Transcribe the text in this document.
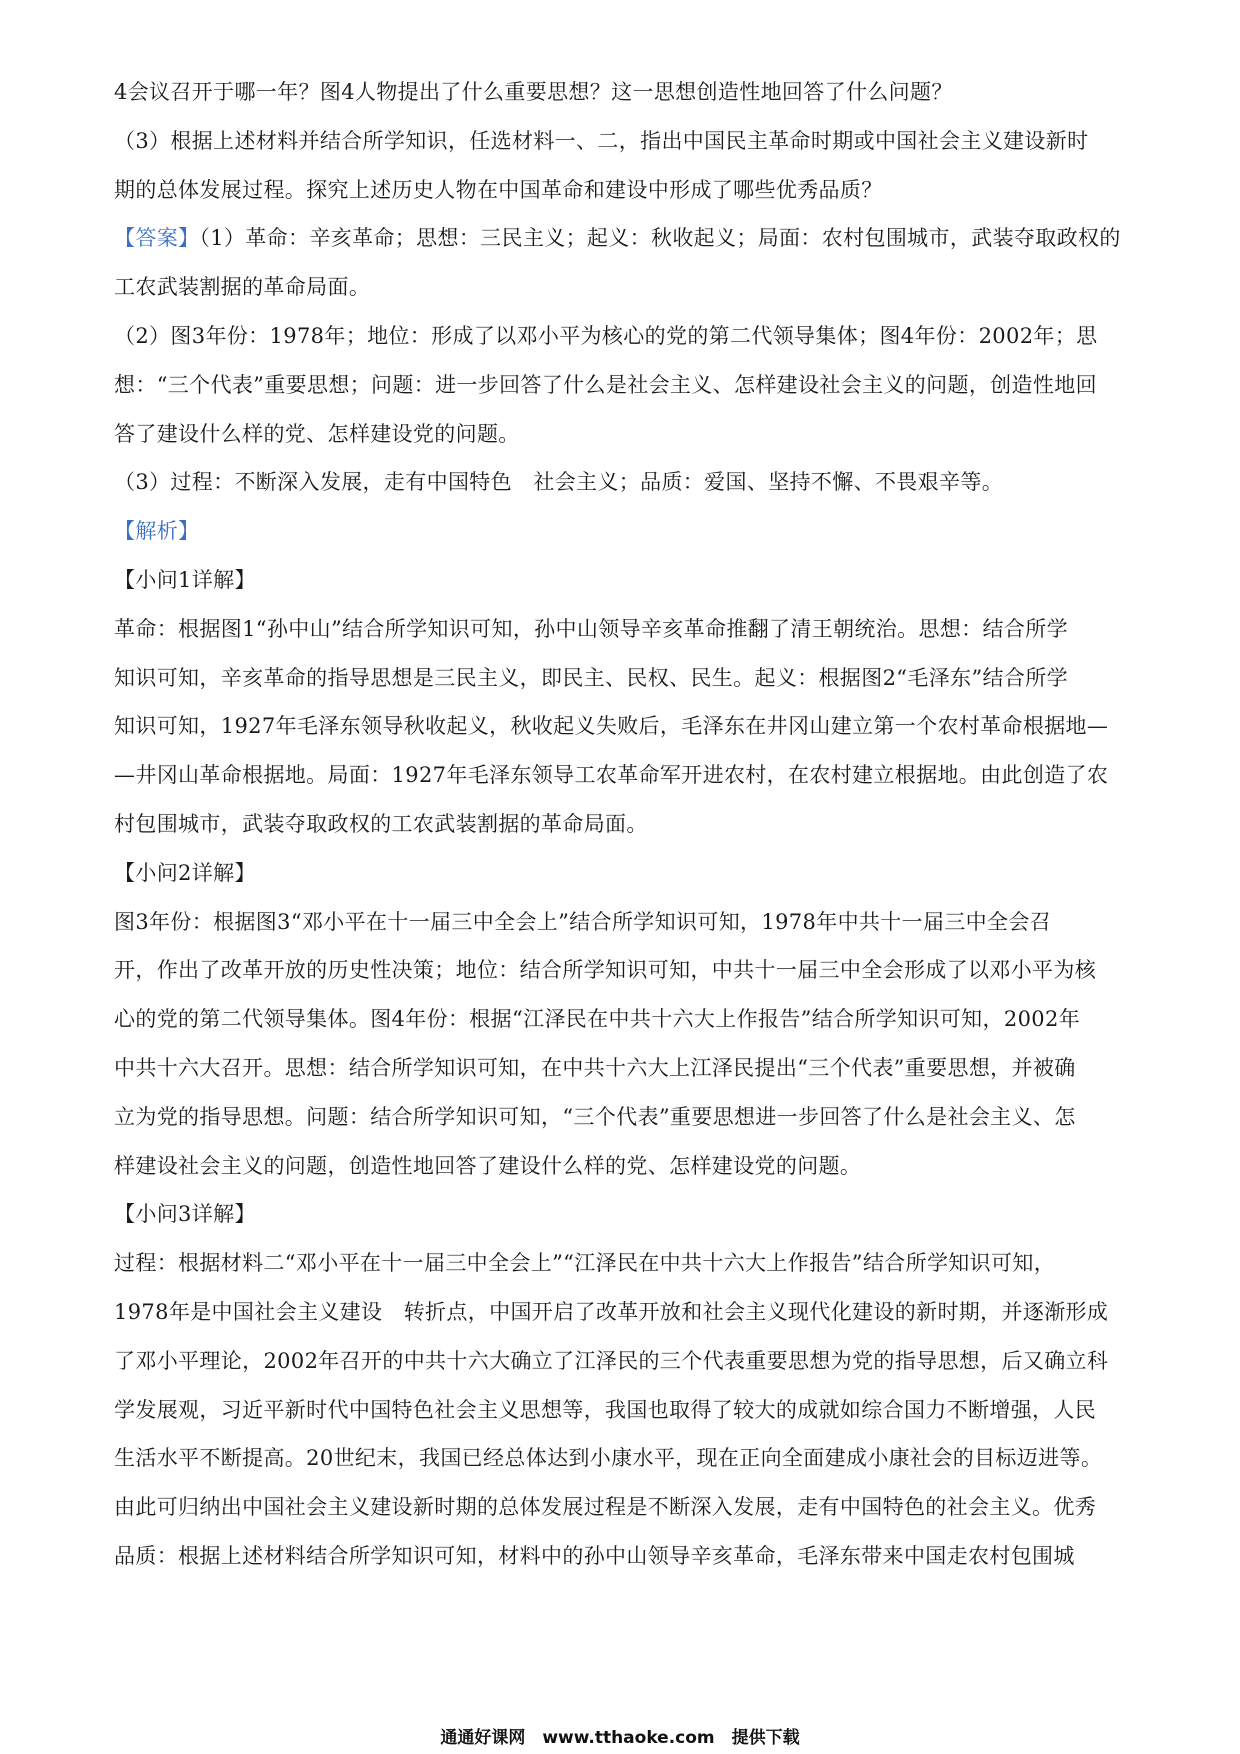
4会议召开于哪一年？图4人物提出了什么重要思想？这一思想创造性地回答了什么问题？
（3）根据上述材料并结合所学知识，任选材料一、二，指出中国民主革命时期或中国社会主义建设新时
期的总体发展过程。探究上述历史人物在中国革命和建设中形成了哪些优秀品质？
【答案】（1）革命：辛亥革命；思想：三民主义；起义：秋收起义；局面：农村包围城市，武装夺取政权的
工农武装割据的革命局面。
（2）图3年份：1978年；地位：形成了以邓小平为核心的党的第二代领导集体；图4年份：2002年；思
想：“三个代表”重要思想；问题：进一步回答了什么是社会主义、怎样建设社会主义的问题，创造性地回
答了建设什么样的党、怎样建设党的问题。
（3）过程：不断深入发展，走有中国特色　社会主义；品质：爱国、坚持不懈、不畏艰辛等。
【解析】
【小问1详解】
革命：根据图1“孙中山”结合所学知识可知，孙中山领导辛亥革命推翻了清王朝统治。思想：结合所学
知识可知，辛亥革命的指导思想是三民主义，即民主、民权、民生。起义：根据图2“毛泽东”结合所学
知识可知，1927年毛泽东领导秋收起义，秋收起义失败后，毛泽东在井冈山建立第一个农村革命根据地—
—井冈山革命根据地。局面：1927年毛泽东领导工农革命军开进农村，在农村建立根据地。由此创造了农
村包围城市，武装夺取政权的工农武装割据的革命局面。
【小问2详解】
图3年份：根据图3“邓小平在十一届三中全会上”结合所学知识可知，1978年中共十一届三中全会召
开，作出了改革开放的历史性决策；地位：结合所学知识可知，中共十一届三中全会形成了以邓小平为核
心的党的第二代领导集体。图4年份：根据“江泽民在中共十六大上作报告”结合所学知识可知，2002年
中共十六大召开。思想：结合所学知识可知，在中共十六大上江泽民提出“三个代表”重要思想，并被确
立为党的指导思想。问题：结合所学知识可知，“三个代表”重要思想进一步回答了什么是社会主义、怎
样建设社会主义的问题，创造性地回答了建设什么样的党、怎样建设党的问题。
【小问3详解】
过程：根据材料二“邓小平在十一届三中全会上”“江泽民在中共十六大上作报告”结合所学知识可知，
1978年是中国社会主义建设　转折点，中国开启了改革开放和社会主义现代化建设的新时期，并逐渐形成
了邓小平理论，2002年召开的中共十六大确立了江泽民的三个代表重要思想为党的指导思想，后又确立科
学发展观，习近平新时代中国特色社会主义思想等，我国也取得了较大的成就如综合国力不断增强，人民
生活水平不断提高。20世纪末，我国已经总体达到小康水平，现在正向全面建成小康社会的目标迈进等。
由此可归纳出中国社会主义建设新时期的总体发展过程是不断深入发展，走有中国特色的社会主义。优秀
品质：根据上述材料结合所学知识可知，材料中的孙中山领导辛亥革命，毛泽东带来中国走农村包围城
通通好课网　www.tthaoke.com　提供下载
